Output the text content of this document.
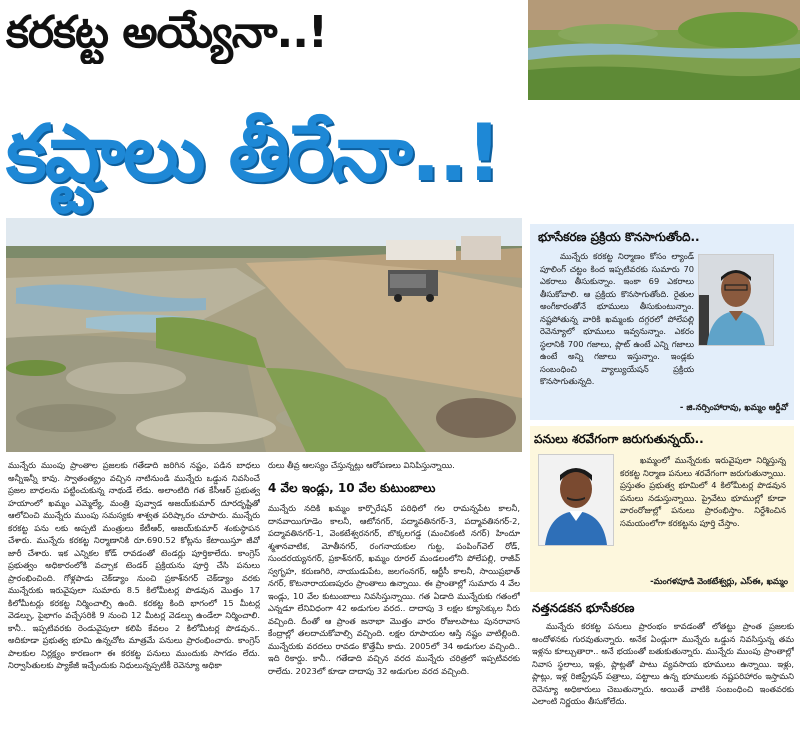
కరకట్ట అయ్యేనా..!
కష్టాలు తీరేనా..!

మున్నేరు ముంపు ప్రాంతాల ప్రజలకు గతేడాది జరిగిన నష్టం, పడిన బాధలు అన్నీఇన్నీ కావు. స్వాతంత్య్రం వచ్చిన నాటినుండి మున్నేరు ఒడ్డున నివసించే ప్రజల బాధలను పట్టించుకున్న నాథుడే లేడు. అలాంటిది గత కేసీఆర్ ప్రభుత్వ హయాంలో ఖమ్మం ఎమ్మెల్యే, మంత్రి పువ్వాడ అజయ్‌కుమార్ దూరదృష్టితో ఆలోచించి మున్నేరు ముంపు సమస్యకు శాశ్వత పరిష్కారం చూపారు. మున్నేరు కరకట్ట పను లకు అప్పటి మంత్రులు కేటీఆర్, అజయ్‌కుమార్ శంకుస్థాపన చేశారు. మున్నేరు కరకట్ట నిర్మాణానికి రూ.690.52 కోట్లను కేటాయిస్తూ జీవో జారీ చేశారు. ఇక ఎన్నికల కోడ్ రావడంతో టెండర్లు పూర్తికాలేదు. కాంగ్రెస్ ప్రభుత్వం అధికారంలోకి వచ్చాక టెండర్ ప్రక్రియను పూర్తి చేసి పనులు ప్రారంభించింది. గోళ్లపాడు చెక్‌డ్యాం నుంచి ప్రకాశ్‌నగర్ చెక్‌డ్యాం వరకు మున్నేరుకు ఇరువైపులా సుమారు 8.5 కిలోమీటర్ల పొడవున మొత్తం 17 కిలోమీటర్లు కరకట్ట నిర్మించాల్సి ఉంది. కరకట్ట కింది భాగంలో 15 మీటర్ల వెడల్పు, పైభాగం వచ్చేసరికి 9 నుంచి 12 మీటర్ల వెడల్పు ఉండేలా నిర్మించాలి. కానీ.. ఇప్పటివరకు రెండువైపులా కలిపి కేవలం 2 కిలోమీటర్ల పొడవున.. అదికూడా ప్రభుత్వ భూమి ఉన్నచోట మాత్రమే పనులు ప్రారంభించారు. కాంగ్రెస్ పాలకుల నిర్లక్ష్యం కారణంగా ఈ కరకట్ట పనులు ముందుకు సాగడం లేదు. నిర్వాసితులకు ప్యాకేజీ ఇచ్చేందుకు నిధులున్నప్పటికీ రెవెన్యూ అధికా

రులు తీవ్ర ఆలస్యం చేస్తున్నట్లు ఆరోపణలు వినిపిస్తున్నాయి.

4 వేల ఇండ్లు, 10 వేల కుటుంబాలు

మున్నేరు నదికి ఖమ్మం కార్పొరేషన్ పరిధిలో గల రామన్నపేట కాలనీ, దానవాయిగూడెం కాలనీ, ఆటోనగర్, పద్మావతినగర్-3, పద్మావతినగర్-2, పద్మావతినగర్-1, వెంకటేశ్వరనగర్, బొక్కలగడ్డ (మంచికంటి నగర్) హిందూ శ్మశానవాటిక, మోతీనగర్, రంగనాయకుల గుట్ట, పంపింగ్‌వెల్ రోడ్, సుందరయ్యనగర్, ప్రకాశ్‌నగర్, ఖమ్మం రూరల్ మండలంలోని పోలేపల్లి, రాజీవ్ స్వగృహ, కరుణగిరి, నాయుడుపేట, జలగంనగర్, ఆర్టీసీ కాలనీ, సాయిప్రభాత్ నగర్, కొటనారాయణపురం ప్రాంతాలు ఉన్నాయి. ఈ ప్రాంతాల్లో సుమారు 4 వేల ఇండ్లు, 10 వేల కుటుంబాలు నివసిస్తున్నాయి. గత ఏడాది మున్నేరుకు గతంలో ఎన్నడూ లేనివిధంగా 42 అడుగుల వరద.. దాదాపు 3 లక్షల క్యూసెక్కుల నీరు వచ్చింది. దీంతో ఆ ప్రాంత జనాభా మొత్తం వారం రోజులపాటు పునరావాస కేంద్రాల్లో తలదాచుకోవాల్సి వచ్చింది. లక్షల రూపాయల ఆస్తి నష్టం వాటిల్లింది. మున్నేరుకు వరదలు రావడం కొత్తేమీ కాదు. 2005లో 34 అడుగుల వచ్చింది.. ఇది రికార్డు. కానీ.. గతేడాది వచ్చిన వరద మున్నేరు చరిత్రలో ఇప్పటివరకు రాలేదు. 2023లో కూడా దాదాపు 32 అడుగుల వరద వచ్చింది.

భూసేకరణ ప్రక్రియ కొనసాగుతోంది..

మున్నేరు కరకట్ట నిర్మాణం కోసం ల్యాండ్ పూలింగ్ చట్టం కింద ఇప్పటివరకు సుమారు 70 ఎకరాలు తీసుకున్నాం. ఇంకా 69 ఎకరాలు తీసుకోవాలి. ఆ ప్రక్రియ కొనసాగుతోంది. రైతుల అంగీకారంతోనే భూములు తీసుకుంటున్నాం. నష్టపోతున్న వారికి ఖమ్మంకు దగ్గరలో పోలేపల్లి రెవెన్యూలో భూములు ఇవ్వనున్నాం. ఎకరం స్థలానికి 700 గజాలు, ప్లాట్ ఉంటే ఎన్ని గజాలు ఉంటే అన్ని గజాలు ఇస్తున్నాం. ఇండ్లకు సంబంధించి వ్యాల్యుయేషన్ ప్రక్రియ కొనసాగుతున్నది.

- జి.నర్సింహారావు, ఖమ్మం ఆర్డీవో
పనులు శరవేగంగా జరుగుతున్నయ్..

ఖమ్మంలో మున్నేరుకు ఇరువైపులా నిర్మిస్తున్న కరకట్ట నిర్మాణ పనులు శరవేగంగా జరుగుతున్నాయి. ప్రస్తుతం ప్రభుత్వ భూమిలో 4 కిలోమీటర్ల పొడవున పనులు నడుస్తున్నాయి. ప్రైవేటు భూముల్లో కూడా వారంరోజుల్లో పనులు ప్రారంభిస్తాం. నిర్దేశించిన సమయంలోగా కరకట్టను పూర్తి చేస్తాం.

-మంగళపూడి వెంకటేశ్వర్లు, ఎస్ఈ, ఖమ్మం

నత్తనడకన భూసేకరణ

మున్నేరు కరకట్ట పనులు ప్రారంభం కావడంతో లోతట్టు ప్రాంత ప్రజలకు అందోళనకు గురవుతున్నారు. అనేక ఏండ్లుగా మున్నేరు ఒడ్డున నివసిస్తున్న తమ ఇళ్లను కూల్చుతారా.. అనే భయంతో బతుకుతున్నారు. మున్నేరు ముంపు ప్రాంతాల్లో నివాస స్థలాలు, ఇళ్లు, ప్లాట్లతో పాటు వ్యవసాయ భూములు ఉన్నాయి. ఇళ్లు, ప్లాట్లు, ఇళ్ల రిజిస్ట్రేషన్ పత్రాలు, పట్టాలు ఉన్న భూములకు నష్టపరిహారం ఇస్తామని రెవెన్యూ అధికారులు చెబుతున్నారు. అయితే వాటికి సంబంధించి ఇంతవరకు ఎలాంటి నిర్ణయం తీసుకోలేదు.
